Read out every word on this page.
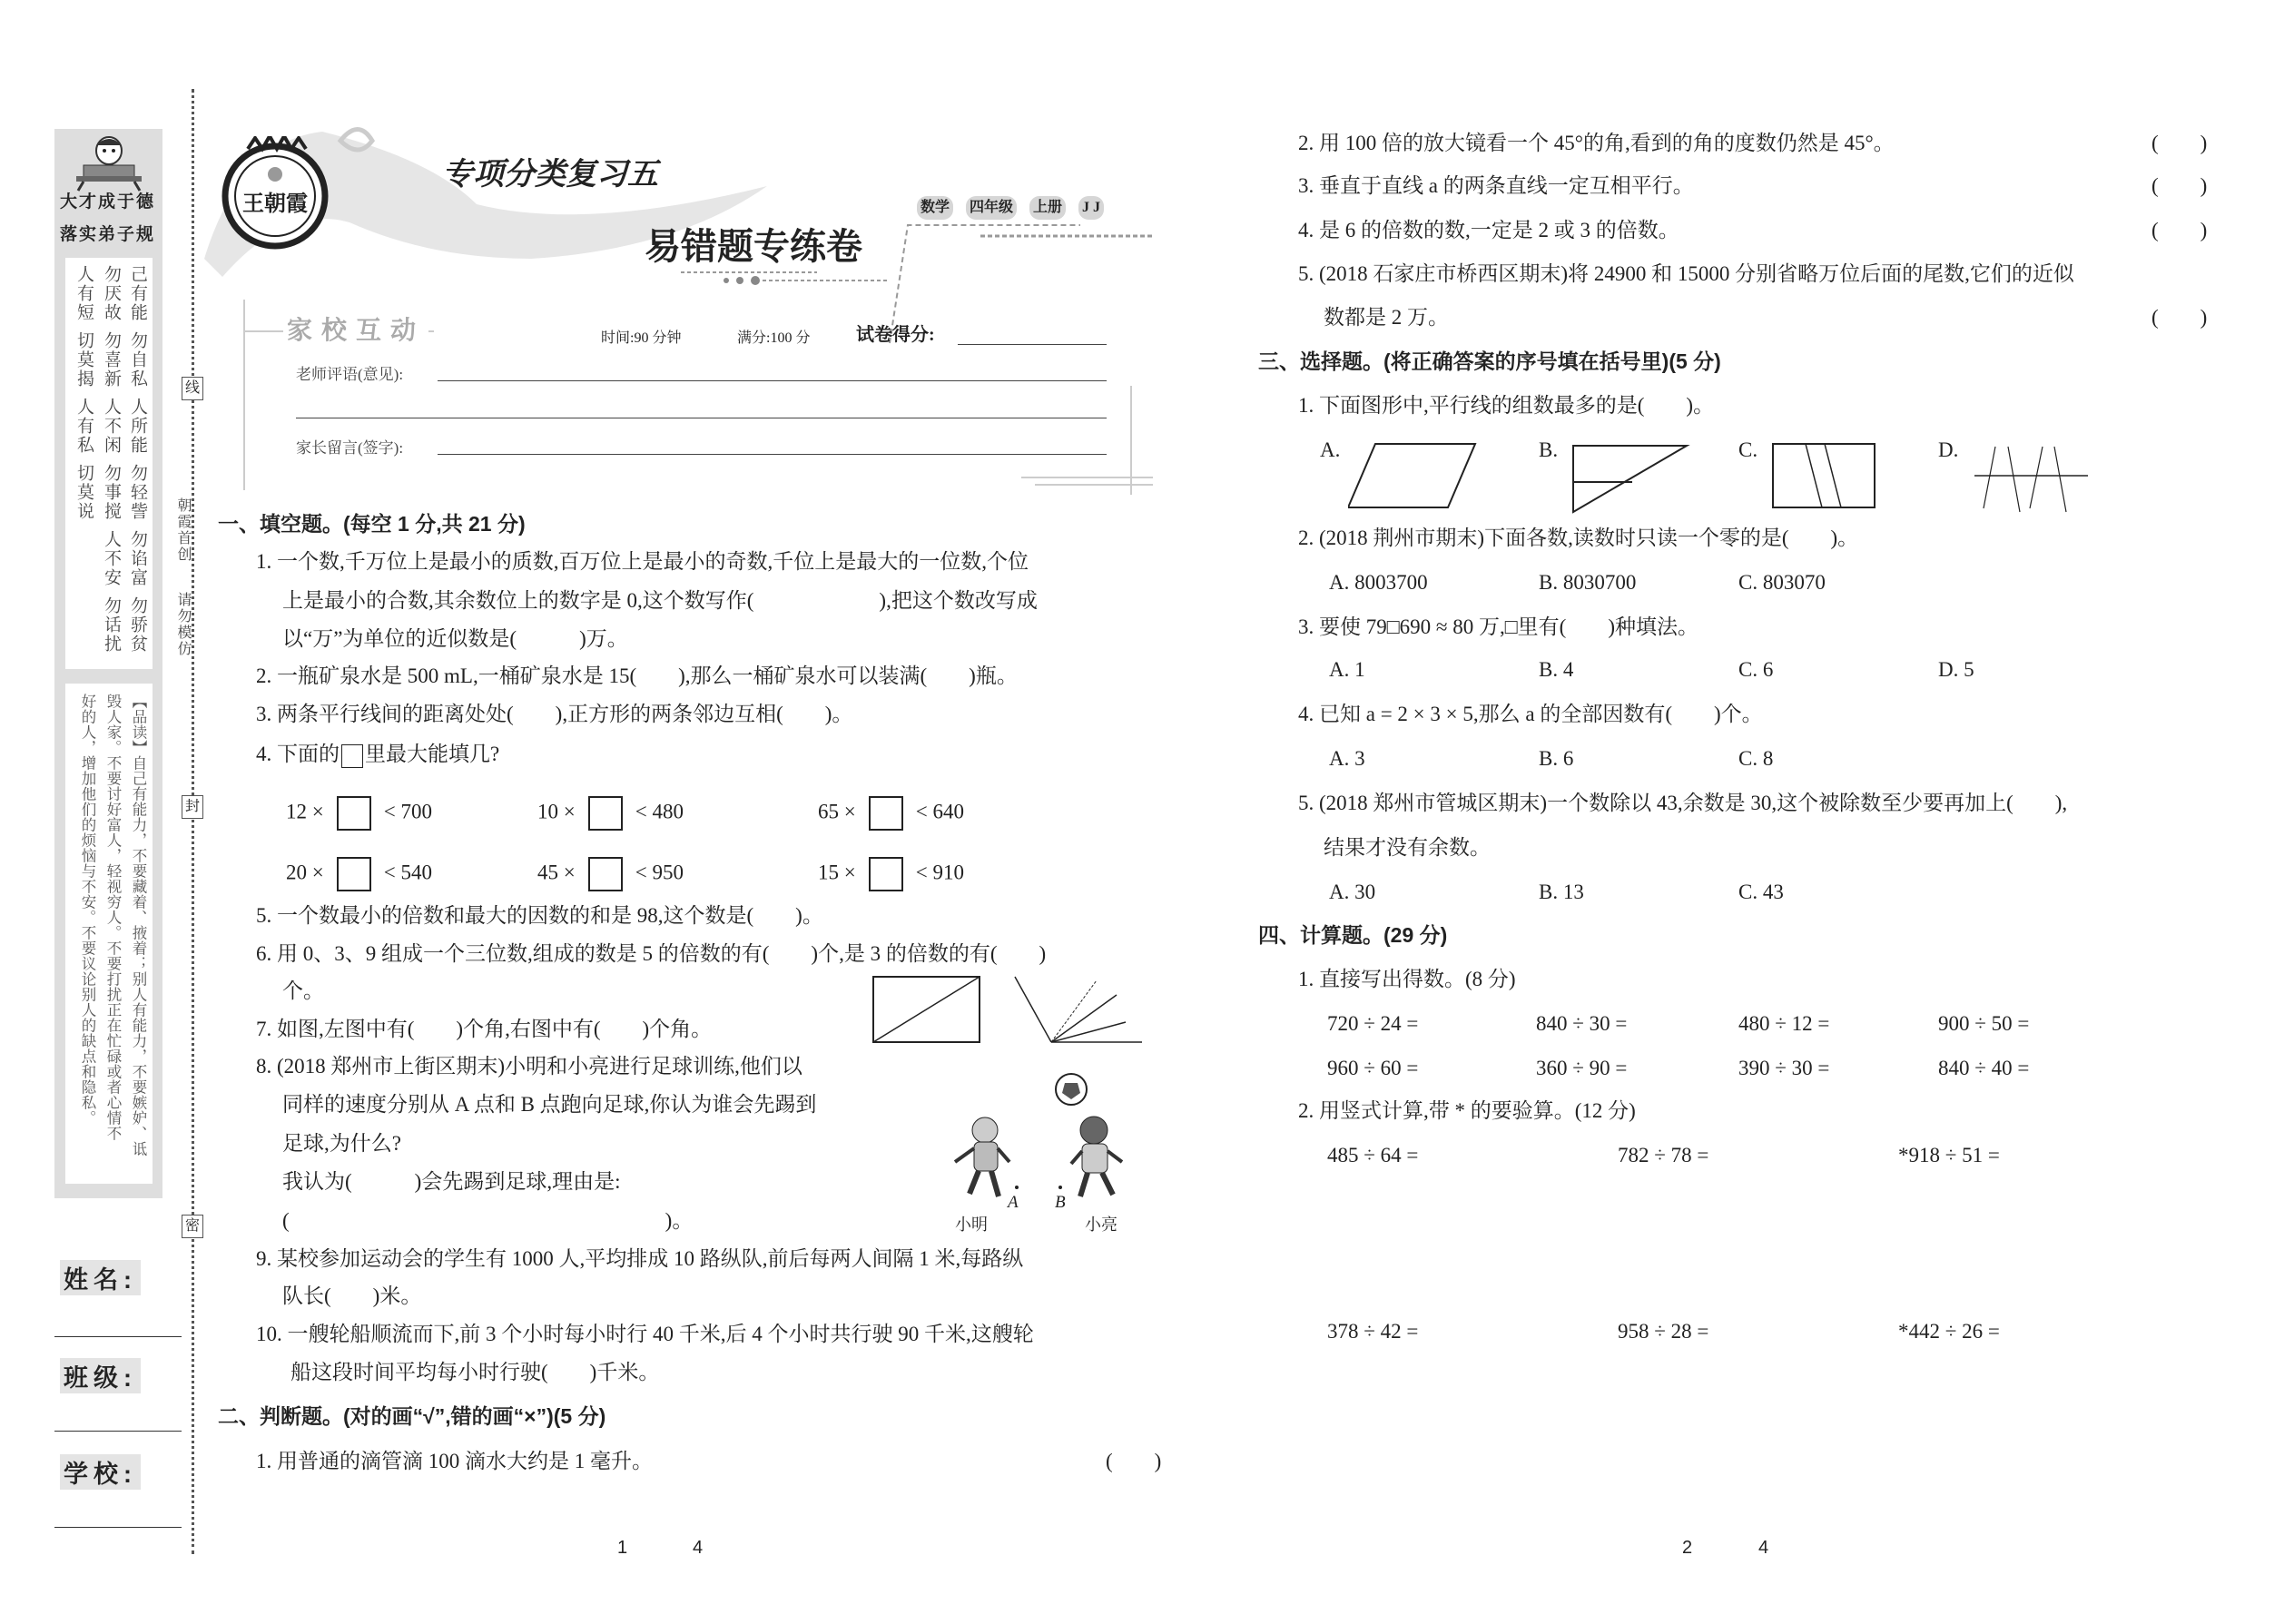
大才成于德
落实弟子规
己有能
勿自私
人所能
勿轻訾
勿谄富
勿骄贫
勿厌故
勿喜新
人不闲
勿事搅
人不安
勿话扰
人有短
切莫揭
人有私
切莫说
【品读】自己有能力，不要藏着、掖着；别人有能力，不要嫉妒、诋
毁人家。不要讨好富人，轻视穷人。不要打扰正在忙碌或者心情不
好的人，增加他们的烦恼与不安。不要议论别人的缺点和隐私。
姓名:
班级:
学校:
线
封
密
朝霞首创
请勿模仿
王朝霞
专项分类复习五
数学 四年级 上册 J J
易错题专练卷
家校互动	时间:90 分钟	满分:100 分	试卷得分:
老师评语(意见):
家长留言(签字):
一、填空题。(每空 1 分,共 21 分)
1. 一个数,千万位上是最小的质数,百万位上是最小的奇数,千位上是最大的一位数,个位
上是最小的合数,其余数位上的数字是 0,这个数写作(　　　　　　),把这个数改写成
以“万”为单位的近似数是(　　　)万。
2. 一瓶矿泉水是 500 mL,一桶矿泉水是 15(　　),那么一桶矿泉水可以装满(　　)瓶。
3. 两条平行线间的距离处处(　　),正方形的两条邻边互相(　　)。
4. 下面的 里最大能填几?
12 ×	< 700	10 ×	< 480	65 ×	< 640
20 ×	< 540	45 ×	< 950	15 ×	< 910
5. 一个数最小的倍数和最大的因数的和是 98,这个数是(　　)。
6. 用 0、3、9 组成一个三位数,组成的数是 5 的倍数的有(　　)个,是 3 的倍数的有(　　)
个。
7. 如图,左图中有(　　)个角,右图中有(　　)个角。
8. (2018 郑州市上街区期末)小明和小亮进行足球训练,他们以
同样的速度分别从 A 点和 B 点跑向足球,你认为谁会先踢到
足球,为什么?
我认为(　　　)会先踢到足球,理由是:
(　　　　　　　　　　　　　　　　　　)。
A B
小明	小亮
9. 某校参加运动会的学生有 1000 人,平均排成 10 路纵队,前后每两人间隔 1 米,每路纵
队长(　　)米。
10. 一艘轮船顺流而下,前 3 个小时每小时行 40 千米,后 4 个小时共行驶 90 千米,这艘轮
船这段时间平均每小时行驶(　　)千米。
二、判断题。(对的画“√”,错的画“×”)(5 分)
1. 用普通的滴管滴 100 滴水大约是 1 毫升。	(　　)
1	4
2. 用 100 倍的放大镜看一个 45°的角,看到的角的度数仍然是 45°。	(　　)
3. 垂直于直线 a 的两条直线一定互相平行。	(　　)
4. 是 6 的倍数的数,一定是 2 或 3 的倍数。	(　　)
5. (2018 石家庄市桥西区期末)将 24900 和 15000 分别省略万位后面的尾数,它们的近似
数都是 2 万。	(　　)
三、选择题。(将正确答案的序号填在括号里)(5 分)
1. 下面图形中,平行线的组数最多的是(　　)。
A.	B.	C.	D.
2. (2018 荆州市期末)下面各数,读数时只读一个零的是(　　)。
A. 8003700	B. 8030700	C. 803070
3. 要使 79□690 ≈ 80 万,□里有(　　)种填法。
A. 1	B. 4	C. 6	D. 5
4. 已知 a = 2 × 3 × 5,那么 a 的全部因数有(　　)个。
A. 3	B. 6	C. 8
5. (2018 郑州市管城区期末)一个数除以 43,余数是 30,这个被除数至少要再加上(　　),
结果才没有余数。
A. 30	B. 13	C. 43
四、计算题。(29 分)
1. 直接写出得数。(8 分)
720 ÷ 24 =	840 ÷ 30 =	480 ÷ 12 =	900 ÷ 50 =
960 ÷ 60 =	360 ÷ 90 =	390 ÷ 30 =	840 ÷ 40 =
2. 用竖式计算,带 * 的要验算。(12 分)
485 ÷ 64 =	782 ÷ 78 =	*918 ÷ 51 =
378 ÷ 42 =	958 ÷ 28 =	*442 ÷ 26 =
2	4
